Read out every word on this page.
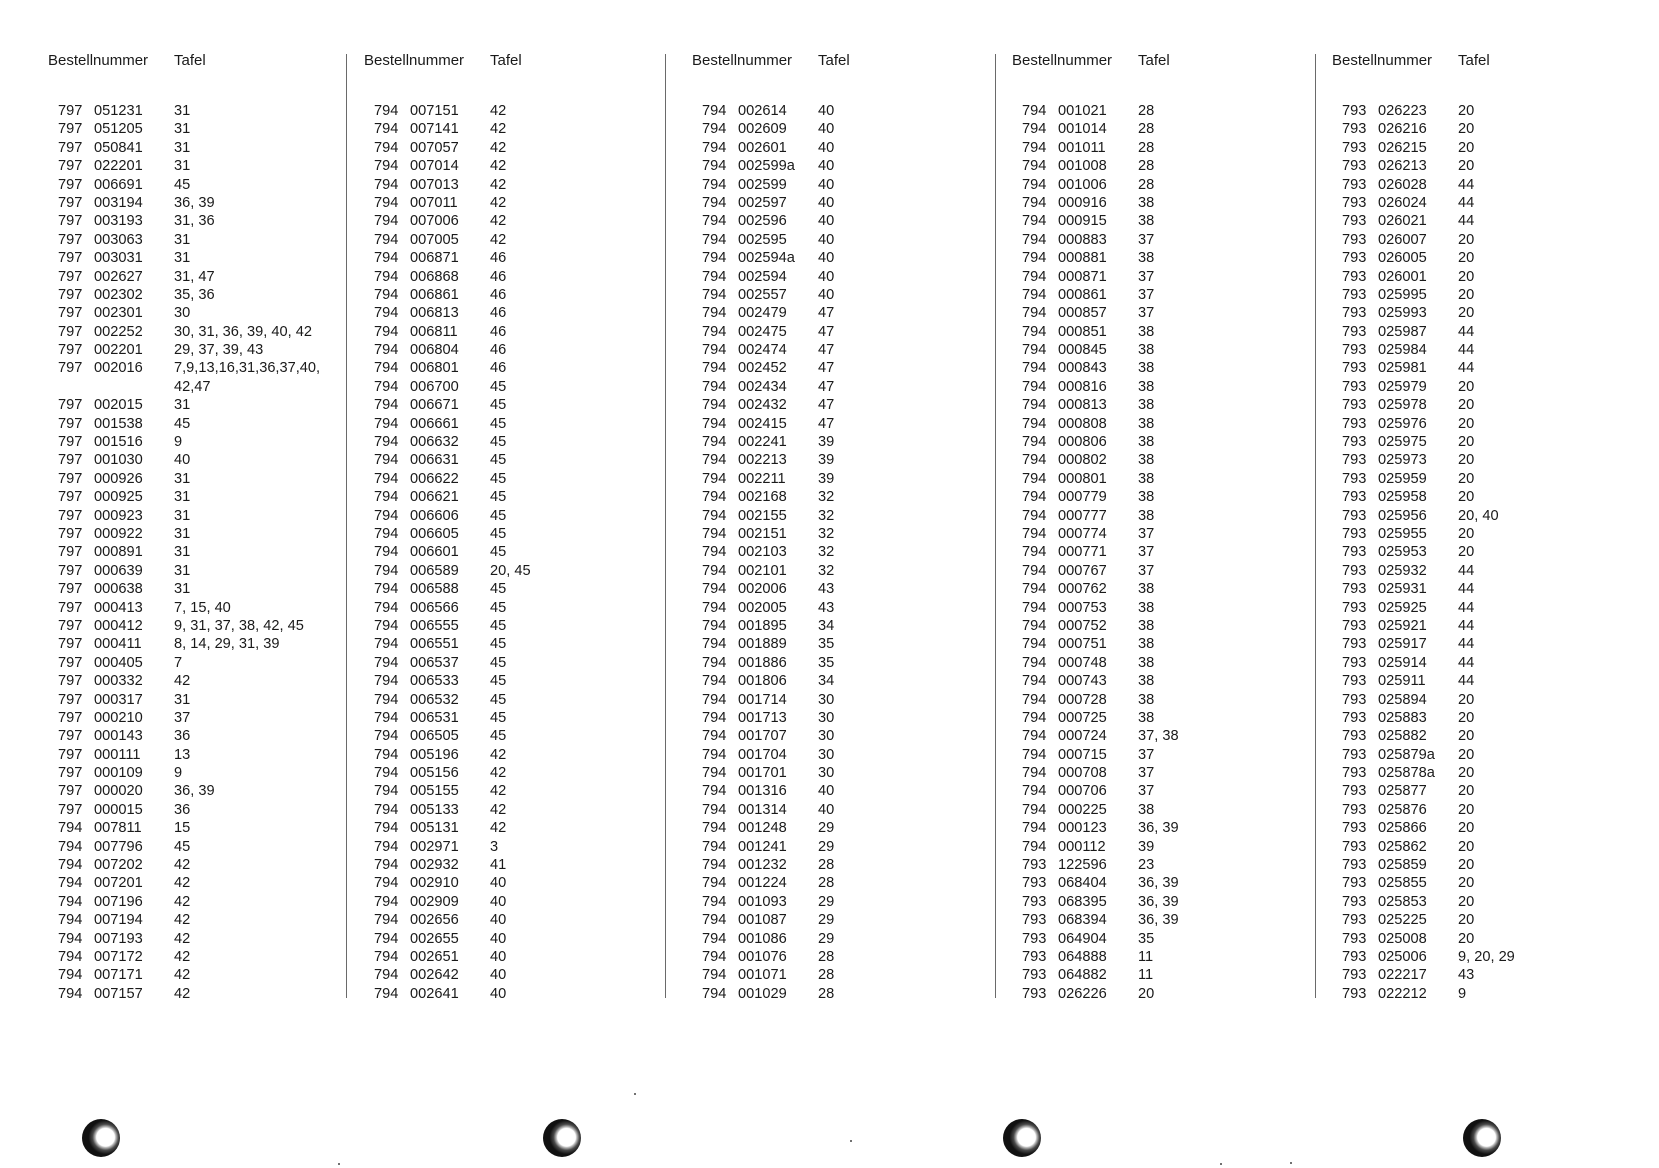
Bestellnummer Tafel
797 051231 31
797 051205 31
797 050841 31
797 022201 31
797 006691 45
797 003194 36, 39
797 003193 31, 36
797 003063 31
797 003031 31
797 002627 31, 47
797 002302 35, 36
797 002301 30
797 002252 30, 31, 36, 39, 40, 42
797 002201 29, 37, 39, 43
797 002016 7,9,13,16,31,36,37,40,
42,47
797 002015 31
797 001538 45
797 001516 9
797 001030 40
797 000926 31
797 000925 31
797 000923 31
797 000922 31
797 000891 31
797 000639 31
797 000638 31
797 000413 7, 15, 40
797 000412 9, 31, 37, 38, 42, 45
797 000411 8, 14, 29, 31, 39
797 000405 7
797 000332 42
797 000317 31
797 000210 37
797 000143 36
797 000111 13
797 000109 9
797 000020 36, 39
797 000015 36
794 007811 15
794 007796 45
794 007202 42
794 007201 42
794 007196 42
794 007194 42
794 007193 42
794 007172 42
794 007171 42
794 007157 42
Bestellnummer Tafel
794 007151 42
794 007141 42
794 007057 42
794 007014 42
794 007013 42
794 007011 42
794 007006 42
794 007005 42
794 006871 46
794 006868 46
794 006861 46
794 006813 46
794 006811 46
794 006804 46
794 006801 46
794 006700 45
794 006671 45
794 006661 45
794 006632 45
794 006631 45
794 006622 45
794 006621 45
794 006606 45
794 006605 45
794 006601 45
794 006589 20, 45
794 006588 45
794 006566 45
794 006555 45
794 006551 45
794 006537 45
794 006533 45
794 006532 45
794 006531 45
794 006505 45
794 005196 42
794 005156 42
794 005155 42
794 005133 42
794 005131 42
794 002971 3
794 002932 41
794 002910 40
794 002909 40
794 002656 40
794 002655 40
794 002651 40
794 002642 40
794 002641 40
Bestellnummer Tafel
794 002614 40
794 002609 40
794 002601 40
794 002599a 40
794 002599 40
794 002597 40
794 002596 40
794 002595 40
794 002594a 40
794 002594 40
794 002557 40
794 002479 47
794 002475 47
794 002474 47
794 002452 47
794 002434 47
794 002432 47
794 002415 47
794 002241 39
794 002213 39
794 002211 39
794 002168 32
794 002155 32
794 002151 32
794 002103 32
794 002101 32
794 002006 43
794 002005 43
794 001895 34
794 001889 35
794 001886 35
794 001806 34
794 001714 30
794 001713 30
794 001707 30
794 001704 30
794 001701 30
794 001316 40
794 001314 40
794 001248 29
794 001241 29
794 001232 28
794 001224 28
794 001093 29
794 001087 29
794 001086 29
794 001076 28
794 001071 28
794 001029 28
Bestellnummer Tafel
794 001021 28
794 001014 28
794 001011 28
794 001008 28
794 001006 28
794 000916 38
794 000915 38
794 000883 37
794 000881 38
794 000871 37
794 000861 37
794 000857 37
794 000851 38
794 000845 38
794 000843 38
794 000816 38
794 000813 38
794 000808 38
794 000806 38
794 000802 38
794 000801 38
794 000779 38
794 000777 38
794 000774 37
794 000771 37
794 000767 37
794 000762 38
794 000753 38
794 000752 38
794 000751 38
794 000748 38
794 000743 38
794 000728 38
794 000725 38
794 000724 37, 38
794 000715 37
794 000708 37
794 000706 37
794 000225 38
794 000123 36, 39
794 000112 39
793 122596 23
793 068404 36, 39
793 068395 36, 39
793 068394 36, 39
793 064904 35
793 064888 11
793 064882 11
793 026226 20
Bestellnummer Tafel
793 026223 20
793 026216 20
793 026215 20
793 026213 20
793 026028 44
793 026024 44
793 026021 44
793 026007 20
793 026005 20
793 026001 20
793 025995 20
793 025993 20
793 025987 44
793 025984 44
793 025981 44
793 025979 20
793 025978 20
793 025976 20
793 025975 20
793 025973 20
793 025959 20
793 025958 20
793 025956 20, 40
793 025955 20
793 025953 20
793 025932 44
793 025931 44
793 025925 44
793 025921 44
793 025917 44
793 025914 44
793 025911 44
793 025894 20
793 025883 20
793 025882 20
793 025879a 20
793 025878a 20
793 025877 20
793 025876 20
793 025866 20
793 025862 20
793 025859 20
793 025855 20
793 025853 20
793 025225 20
793 025008 20
793 025006 9, 20, 29
793 022217 43
793 022212 9
